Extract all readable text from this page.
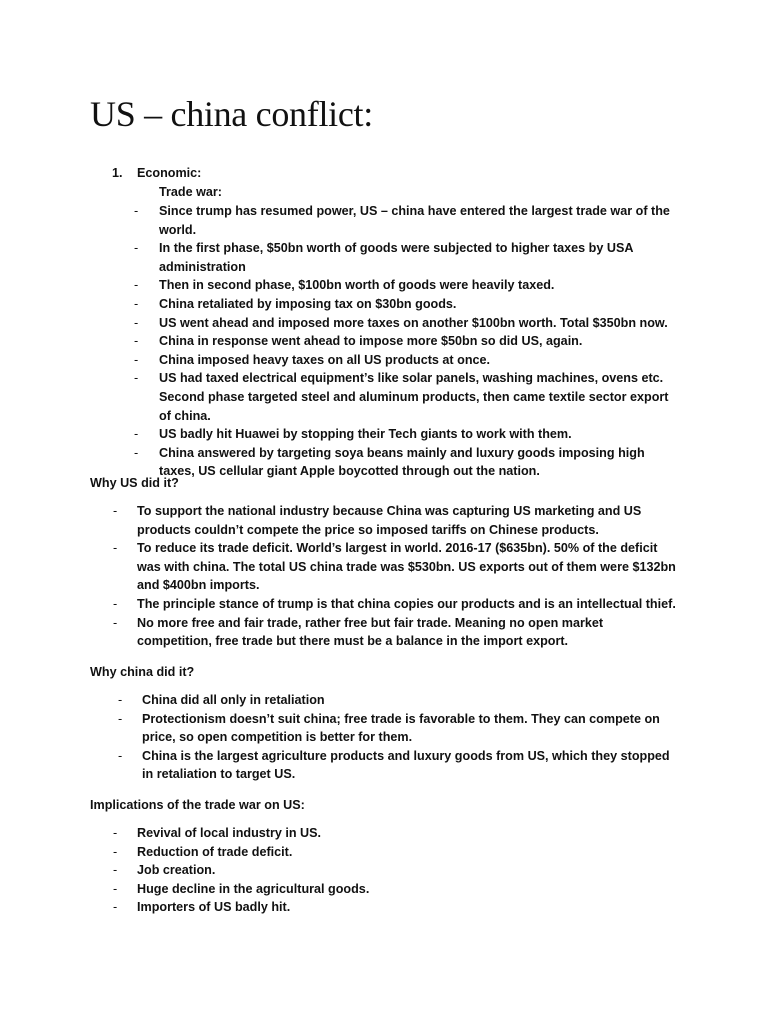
US – china conflict:
1.	Economic:
Trade war:
- Since trump has resumed power, US – china have entered the largest trade war of the world.
- In the first phase, $50bn worth of goods were subjected to higher taxes by USA administration
- Then in second phase, $100bn worth of goods were heavily taxed.
- China retaliated by imposing tax on $30bn goods.
- US went ahead and imposed more taxes on another $100bn worth. Total $350bn now.
- China in response went ahead to impose more $50bn so did US, again.
- China imposed heavy taxes on all US products at once.
- US had taxed electrical equipment’s like solar panels, washing machines, ovens etc. Second phase targeted steel and aluminum products, then came textile sector export of china.
- US badly hit Huawei by stopping their Tech giants to work with them.
- China answered by targeting soya beans mainly and luxury goods imposing high taxes, US cellular giant Apple boycotted through out the nation.
Why US did it?
- To support the national industry because China was capturing US marketing and US products couldn’t compete the price so imposed tariffs on Chinese products.
- To reduce its trade deficit. World’s largest in world. 2016-17 ($635bn). 50% of the deficit was with china. The total US china trade was $530bn. US exports out of them were $132bn and $400bn imports.
- The principle stance of trump is that china copies our products and is an intellectual thief.
- No more free and fair trade, rather free but fair trade. Meaning no open market competition, free trade but there must be a balance in the import export.
Why china did it?
- China did all only in retaliation
- Protectionism doesn’t suit china; free trade is favorable to them. They can compete on price, so open competition is better for them.
- China is the largest agriculture products and luxury goods from US, which they stopped in retaliation to target US.
Implications of the trade war on US:
- Revival of local industry in US.
- Reduction of trade deficit.
- Job creation.
- Huge decline in the agricultural goods.
- Importers of US badly hit.
